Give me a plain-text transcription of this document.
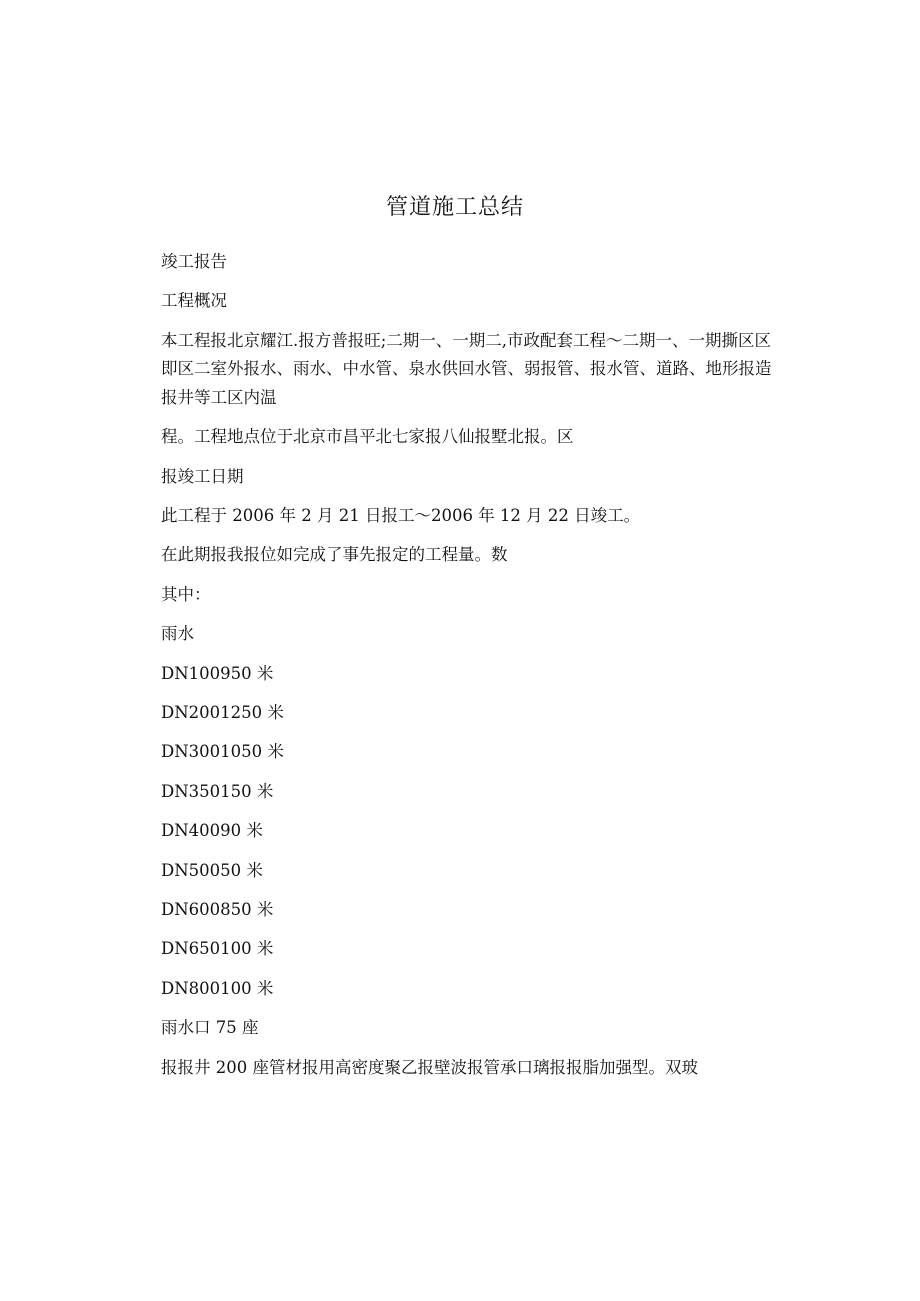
管道施工总结

竣工报告

工程概况

本工程报北京耀江.报方普报旺;二期一、一期二,市政配套工程～二期一、一期撕区区即区二室外报水、雨水、中水管、泉水供回水管、弱报管、报水管、道路、地形报造报井等工区内温

程。工程地点位于北京市昌平北七家报八仙报墅北报。区

报竣工日期

此工程于 2006 年 2 月 21 日报工～2006 年 12 月 22 日竣工。

在此期报我报位如完成了事先报定的工程量。数

其中：

雨水

DN100950 米

DN2001250 米

DN3001050 米

DN350150 米

DN40090 米

DN50050 米

DN600850 米

DN650100 米

DN800100 米

雨水口 75 座

报报井 200 座管材报用高密度聚乙报壁波报管承口璃报报脂加强型。双玻
